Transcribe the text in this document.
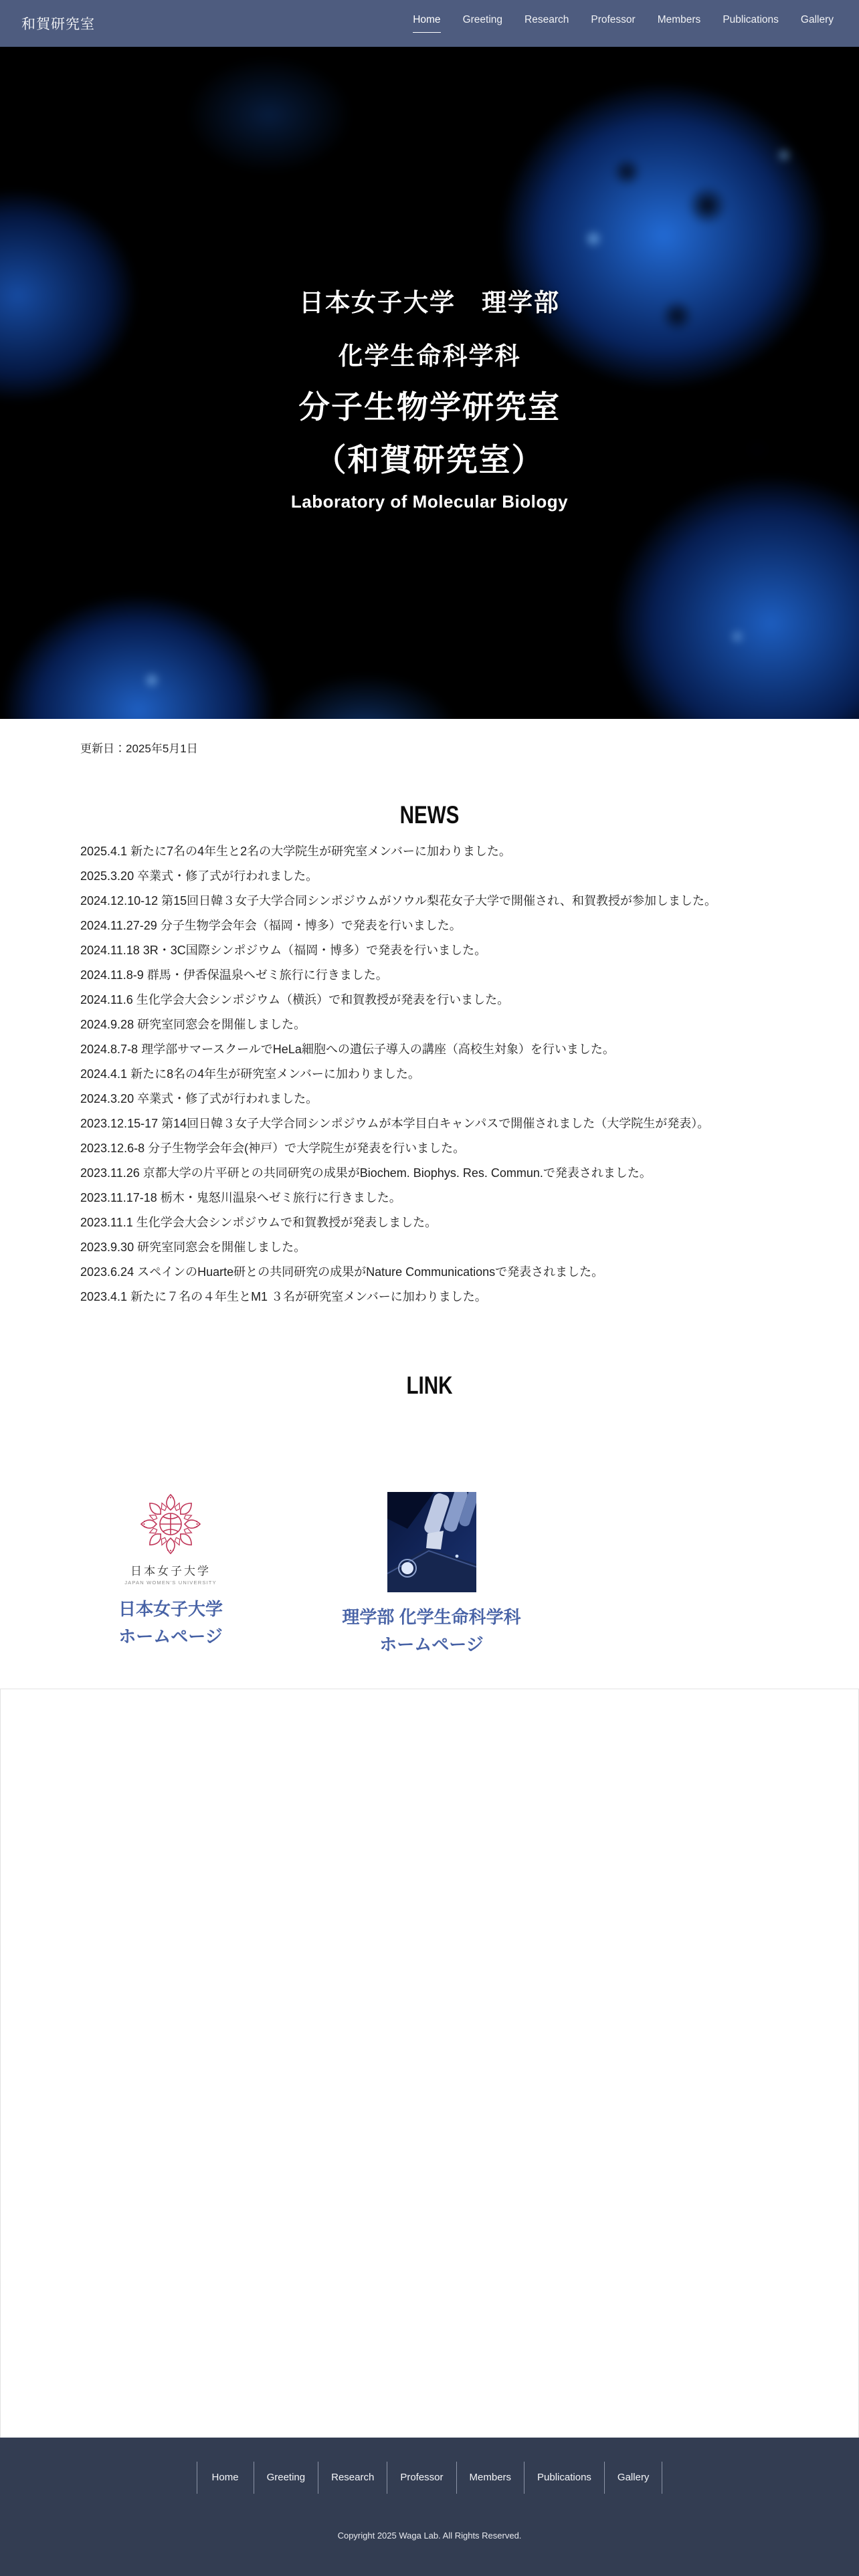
和賀研究室	Home Greeting Research Professor Members Publications Gallery
日本女子大学　理学部
化学生命科学科
分子生物学研究室
（和賀研究室）
Laboratory of Molecular Biology

更新日：2025年5月1日

NEWS
2025.4.1 新たに7名の4年生と2名の大学院生が研究室メンバーに加わりました。
2025.3.20 卒業式・修了式が行われました。
2024.12.10-12 第15回日韓３女子大学合同シンポジウムがソウル梨花女子大学で開催され、和賀教授が参加しました。
2024.11.27-29 分子生物学会年会（福岡・博多）で発表を行いました。
2024.11.18 3R・3C国際シンポジウム（福岡・博多）で発表を行いました。
2024.11.8-9 群馬・伊香保温泉へゼミ旅行に行きました。
2024.11.6 生化学会大会シンポジウム（横浜）で和賀教授が発表を行いました。
2024.9.28 研究室同窓会を開催しました。
2024.8.7-8 理学部サマースクールでHeLa細胞への遺伝子導入の講座（高校生対象）を行いました。
2024.4.1 新たに8名の4年生が研究室メンバーに加わりました。
2024.3.20 卒業式・修了式が行われました。
2023.12.15-17 第14回日韓３女子大学合同シンポジウムが本学目白キャンパスで開催されました（大学院生が発表）。
2023.12.6-8 分子生物学会年会(神戸）で大学院生が発表を行いました。
2023.11.26 京都大学の片平研との共同研究の成果がBiochem. Biophys. Res. Commun.で発表されました。
2023.11.17-18 栃木・鬼怒川温泉へゼミ旅行に行きました。
2023.11.1 生化学会大会シンポジウムで和賀教授が発表しました。
2023.9.30 研究室同窓会を開催しました。
2023.6.24 スペインのHuarte研との共同研究の成果がNature Communicationsで発表されました。
2023.4.1 新たに７名の４年生とM1 ３名が研究室メンバーに加わりました。
LINK
日本女子大学
JAPAN WOMEN'S UNIVERSITY
日本女子大学
ホームページ
理学部 化学生命科学科
ホームページ
Home	Greeting	Research	Professor	Members	Publications	Gallery

Copyright 2025 Waga Lab. All Rights Reserved.
